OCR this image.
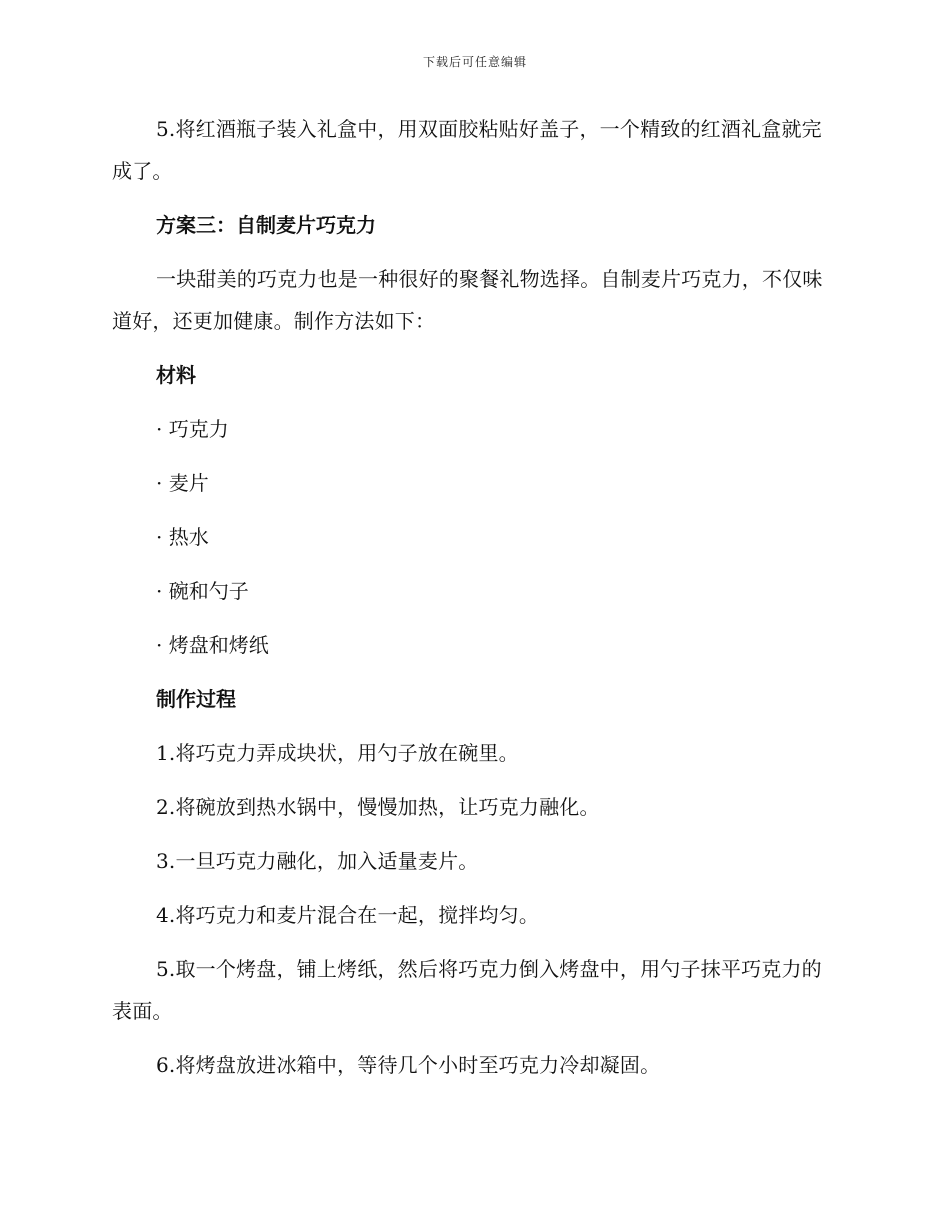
下载后可任意编辑

5.将红酒瓶子装入礼盒中，用双面胶粘贴好盖子，一个精致的红酒礼盒就完成了。

方案三：自制麦片巧克力

一块甜美的巧克力也是一种很好的聚餐礼物选择。自制麦片巧克力，不仅味道好，还更加健康。制作方法如下：

材料
· 巧克力
· 麦片
· 热水
· 碗和勺子
· 烤盘和烤纸
制作过程

1.将巧克力弄成块状，用勺子放在碗里。

2.将碗放到热水锅中，慢慢加热，让巧克力融化。

3.一旦巧克力融化，加入适量麦片。

4.将巧克力和麦片混合在一起，搅拌均匀。

5.取一个烤盘，铺上烤纸，然后将巧克力倒入烤盘中，用勺子抹平巧克力的表面。

6.将烤盘放进冰箱中，等待几个小时至巧克力冷却凝固。
